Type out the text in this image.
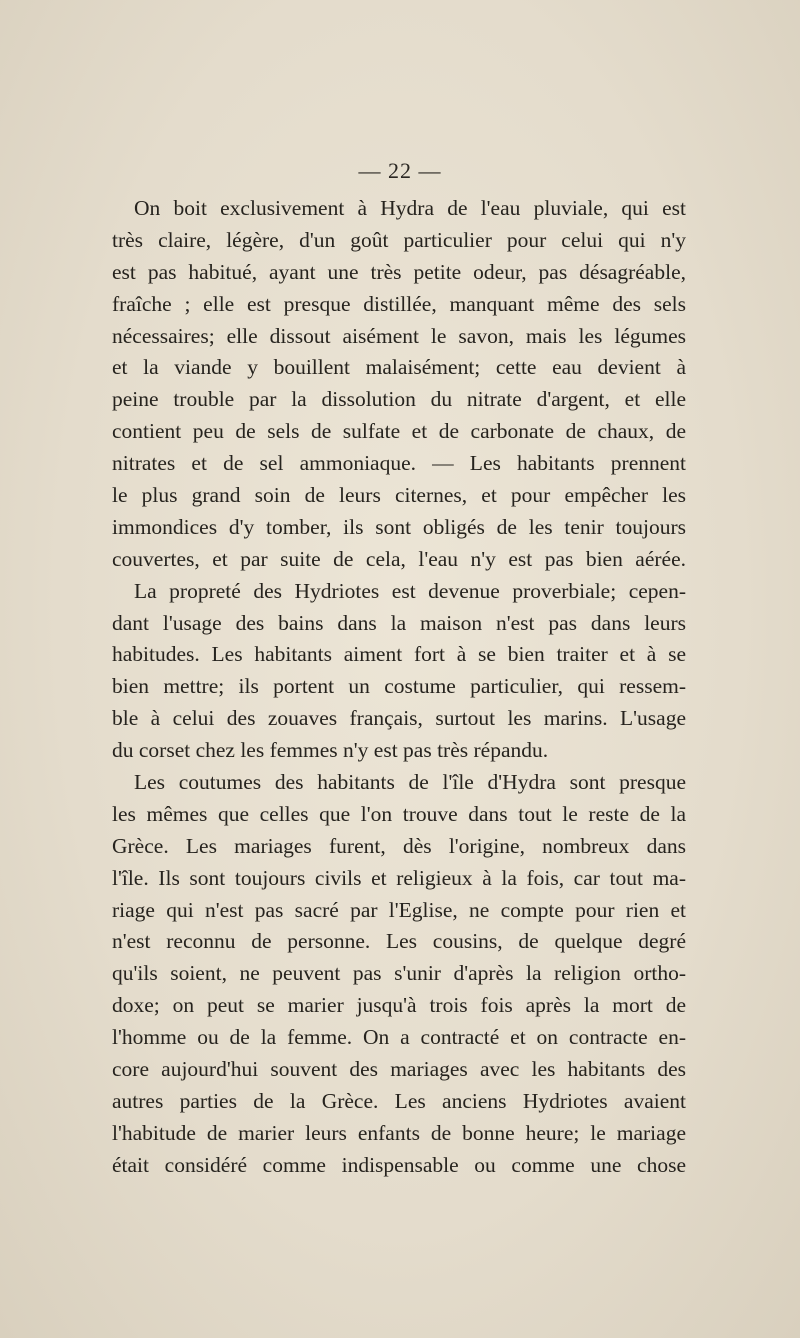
— 22 —
On boit exclusivement à Hydra de l'eau pluviale, qui est
très claire, légère, d'un goût particulier pour celui qui n'y
est pas habitué, ayant une très petite odeur, pas désagréable,
fraîche ; elle est presque distillée, manquant même des sels
nécessaires; elle dissout aisément le savon, mais les légumes
et la viande y bouillent malaisément; cette eau devient à
peine trouble par la dissolution du nitrate d'argent, et elle
contient peu de sels de sulfate et de carbonate de chaux, de
nitrates et de sel ammoniaque. — Les habitants prennent
le plus grand soin de leurs citernes, et pour empêcher les
immondices d'y tomber, ils sont obligés de les tenir toujours
couvertes, et par suite de cela, l'eau n'y est pas bien aérée.
La propreté des Hydriotes est devenue proverbiale; cepen-
dant l'usage des bains dans la maison n'est pas dans leurs
habitudes. Les habitants aiment fort à se bien traiter et à se
bien mettre; ils portent un costume particulier, qui ressem-
ble à celui des zouaves français, surtout les marins. L'usage
du corset chez les femmes n'y est pas très répandu.
Les coutumes des habitants de l'île d'Hydra sont presque
les mêmes que celles que l'on trouve dans tout le reste de la
Grèce. Les mariages furent, dès l'origine, nombreux dans
l'île. Ils sont toujours civils et religieux à la fois, car tout ma-
riage qui n'est pas sacré par l'Eglise, ne compte pour rien et
n'est reconnu de personne. Les cousins, de quelque degré
qu'ils soient, ne peuvent pas s'unir d'après la religion ortho-
doxe; on peut se marier jusqu'à trois fois après la mort de
l'homme ou de la femme. On a contracté et on contracte en-
core aujourd'hui souvent des mariages avec les habitants des
autres parties de la Grèce. Les anciens Hydriotes avaient
l'habitude de marier leurs enfants de bonne heure; le mariage
était considéré comme indispensable ou comme une chose
